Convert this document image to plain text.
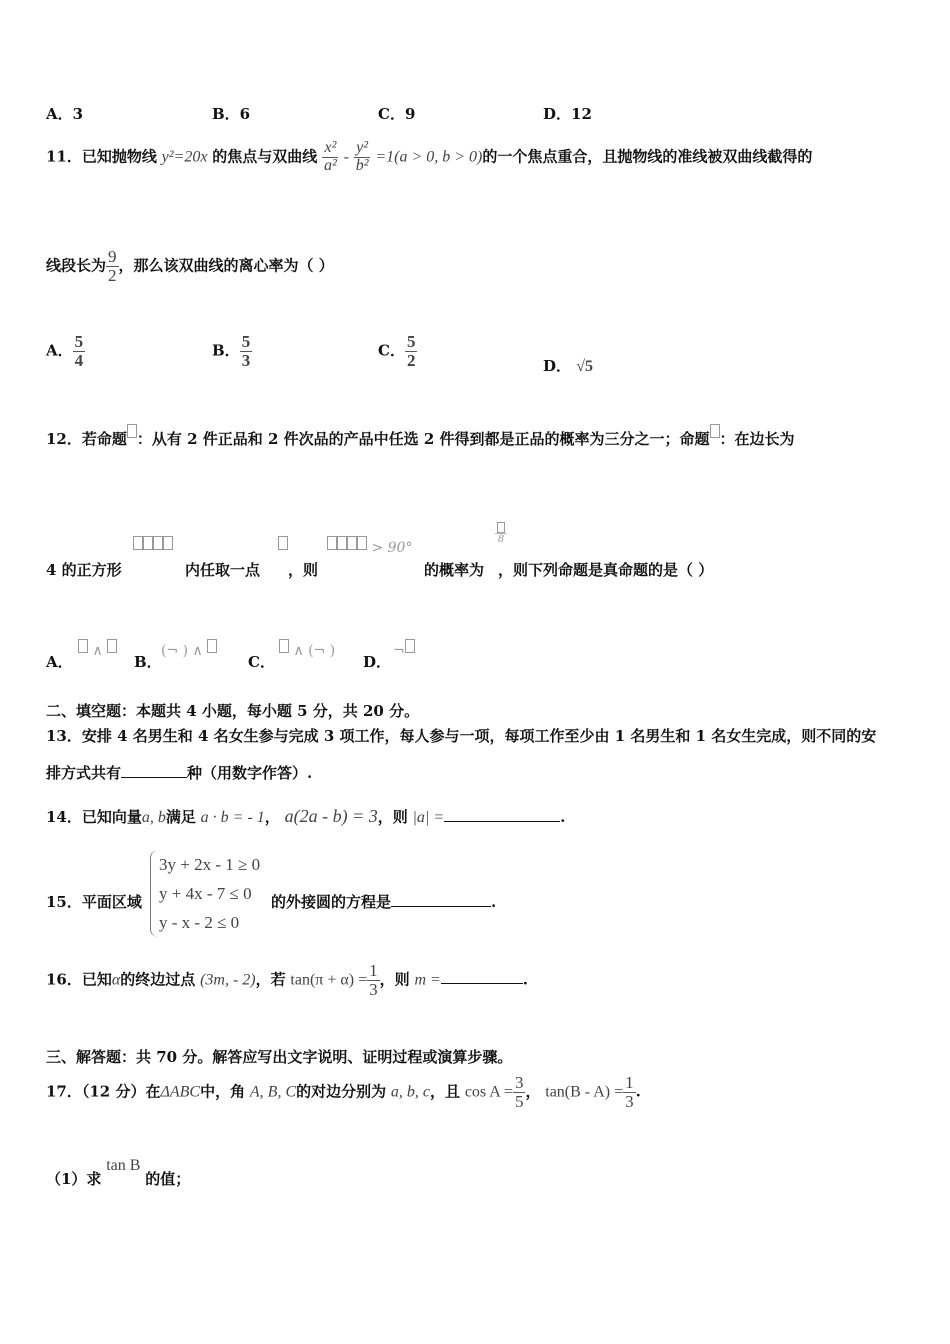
A．3	B．6	C．9	D．12
11．已知抛物线 y²=20x 的焦点与双曲线 $\frac{\text{x²}}{\text{a²}} - \frac{\text{y²}}{\text{b²}} =1(a > 0$, b > 0)的一个焦点重合，且抛物线的准线被双曲线截得的
线段长为 $\frac{9}{2}$ ，那么该双曲线的离心率为（ ）
A． $\frac{5}{4}$	B． $\frac{5}{3}$	C． $\frac{5}{2}$	D． √5
12．若命题 ：从有 2 件正品和 2 件次品的产品中任选 2 件得到都是正品的概率为三分之一；命题 ：在边长为
4 的正方形	内任取一点 ，则
> 90°
的概率为
8
，则下列命题是真命题的是（ ）
A．
∧
B．
(¬ ) ∧
C．
∧ (¬ )
D．
¬
二、填空题：本题共 4 小题，每小题 5 分，共 20 分。
13．安排 4 名男生和 4 名女生参与完成 3 项工作，每人参与一项，每项工作至少由 1 名男生和 1 名女生完成，则不同的安
排方式共有	种（用数字作答）.
14．已知向量a, b满足 a · b = - 1， a(2a - b) = 3，则 |a| =	.
15．平面区域
3y + 2x - 1 ≥ 0
y + 4x - 7 ≤ 0
y - x - 2 ≤ 0
的外接圆的方程是	.
16．已知α的终边过点 (3m, - 2)，若 $\tan(\pi + \alpha) = \frac{1}{3}$ ，则 m =	.
三、解答题：共 70 分。解答应写出文字说明、证明过程或演算步骤。
17．（12 分）在ΔABC中，角 A, B, C的对边分别为 a, b, c，且 $\cos A = \frac{3}{5}$ ， $\tan(B - A) = \frac{1}{3}$ .
（1）求 tan B 的值；
